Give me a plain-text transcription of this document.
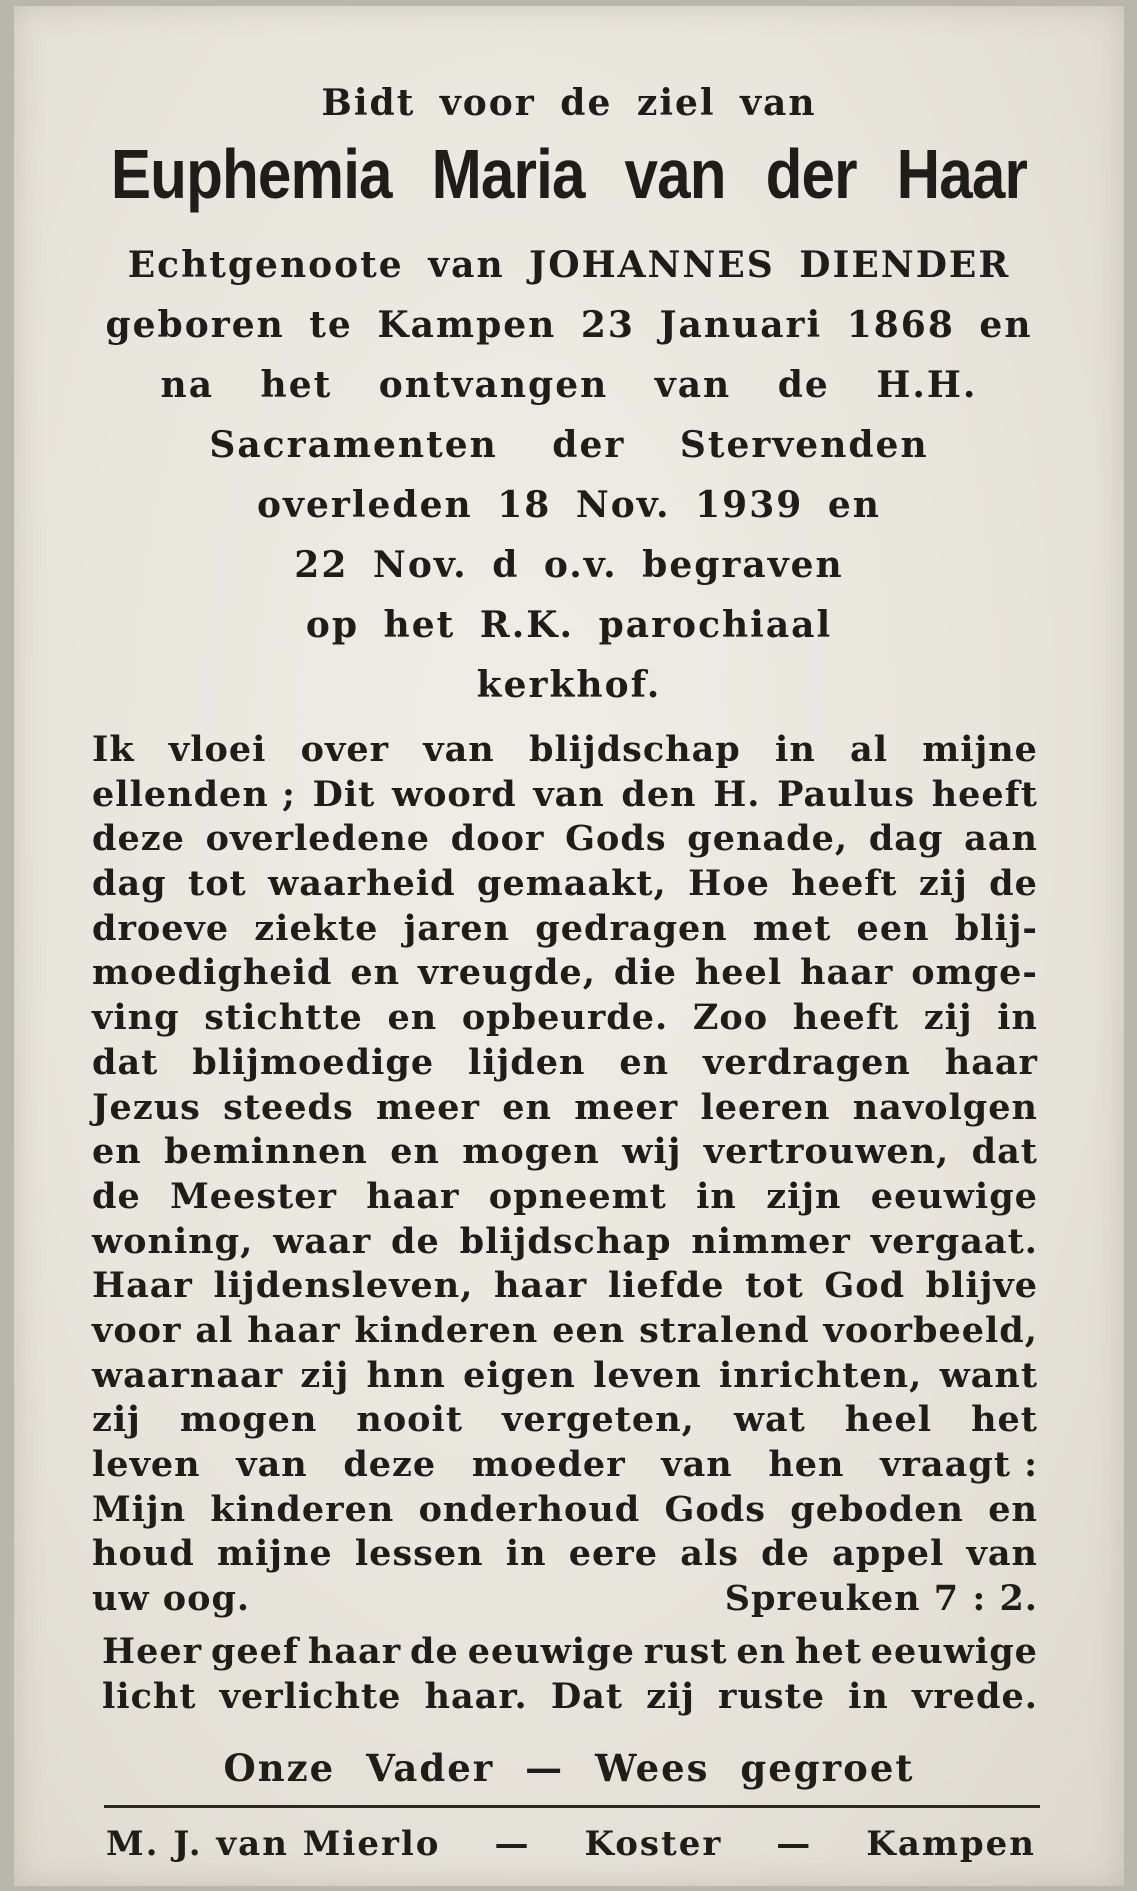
Bidt voor de ziel van
Euphemia Maria van der Haar
Echtgenoote van JOHANNES DIENDER
geboren te Kampen 23 Januari 1868 en
na het ontvangen van de H.H.
Sacramenten der Stervenden
overleden 18 Nov. 1939 en
22 Nov. d o.v. begraven
op het R.K. parochiaal
kerkhof.
Ik vloei over van blijdschap in al mijne
ellenden ; Dit woord van den H. Paulus heeft
deze overledene door Gods genade, dag aan
dag tot waarheid gemaakt, Hoe heeft zij de
droeve ziekte jaren gedragen met een blij-
moedigheid en vreugde, die heel haar omge-
ving stichtte en opbeurde. Zoo heeft zij in
dat blijmoedige lijden en verdragen haar
Jezus steeds meer en meer leeren navolgen
en beminnen en mogen wij vertrouwen, dat
de Meester haar opneemt in zijn eeuwige
woning, waar de blijdschap nimmer vergaat.
Haar lijdensleven, haar liefde tot God blijve
voor al haar kinderen een stralend voorbeeld,
waarnaar zij hnn eigen leven inrichten, want
zij mogen nooit vergeten, wat heel het
leven van deze moeder van hen vraagt :
Mijn kinderen onderhoud Gods geboden en
houd mijne lessen in eere als de appel van
uw oog.	Spreuken 7 : 2.
Heer geef haar de eeuwige rust en het eeuwige
licht verlichte haar. Dat zij ruste in vrede.
Onze Vader — Wees gegroet
M. J. van Mierlo — Koster — Kampen
